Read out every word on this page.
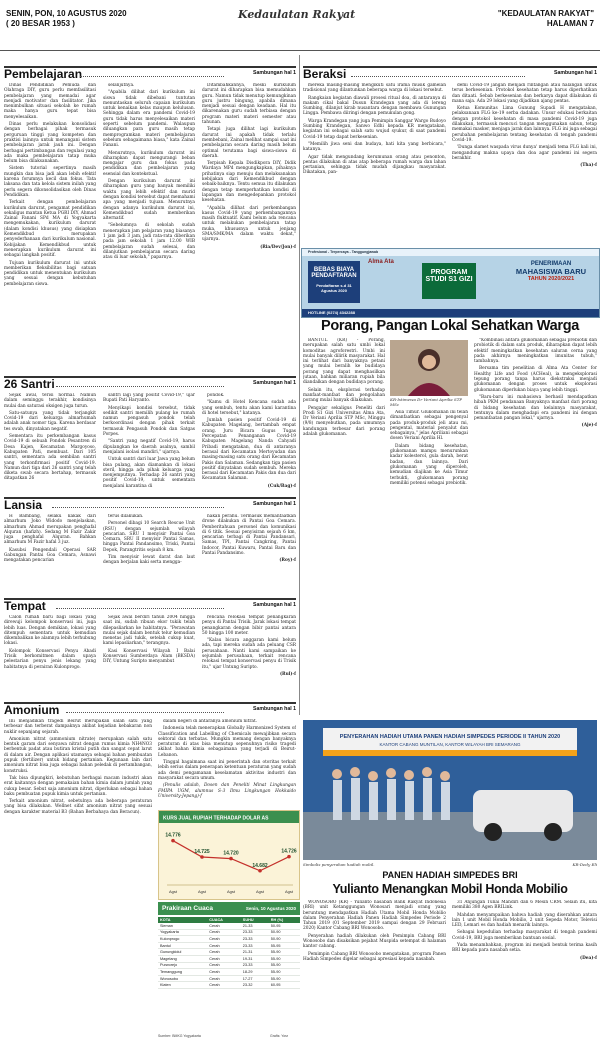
SENIN, PON, 10 AGUSTUS 2020
( 20 BESAR 1953 )
Kedaulatan Rakyat	"KEDAULATAN RAKYAT"
HALAMAN 7
Pembelajaran	Sambungan hal 1

Dinas Pendidikan Pemuda dan Olahraga DIY, guru perlu memfasilitasi pembelajaran yang memadai agar menjadi motivator dan fasilitator. Jika menimbulkan situasi sekolah ke rumah maka hanya guru tepat bisa menyelesaikan.

Dinas perlu melakukan konsolidasi dengan berbagai pihak termasuk perguruan tinggi yang kompeten dan praktisi lainnya untuk menangani sistem pembelajaran jarak jauh ini. Dengan berbagai pertimbangan dan regulasi yang ada maka pembelajaran tatap muka belum bisa dilaksanakan.

Sistem tutorial sepertinya masih mungkin dan bisa jadi akan lebih efektif karena forumnya kecil dan fokus. Tata laksana dan tata kelola sistem inilah yang perlu segera dikonsolidasikan oleh Dinas Pendidikan.

Terkait dengan pembelajaran kurikulum darurat, pengamat pendidikan sekaligus mantan Ketua PGRI DIY, Ahmad Zainal Fanani SPd MA di Yogyakarta mengemukakan, kurikulum darurat (dalam kondisi khusus) yang disiapkan Kemendikbud merupakan penyederhanaan dari kurikulum nasional. Kebijakan Kemendikbud untuk menerapkan kurikulum darurat ini sebagai langkah positif.

Tujuan kurikulum darurat ini untuk memberikan fleksibilitas bagi satuan pendidikan untuk menentukan kurikulum yang sesuai dengan kebutuhan pembelajaran siswa.

selanjutnya.

"Apabila dilihat dari kurikulum ini siswa tidak dibebani tuntutan menuntaskan seluruh capaian kurikulum untuk kenaikan kelas maupun kelulusan. Sehingga dalam era pandemi Covid-19 guru tidak harus menyelesaikan materi seperti sebelum pandemi. Walaupun diluangkan para guru masih tetap memprogramkan materi pembelajaran sebelum sebagaimana biasa," kata Zainal Fanani.

Menurutnya, kurikulum darurat ini diharapkan dapat mengurangi beban mengajar guru dan fokus pada pendidikan dan pembelajaran yang esensial dan kontekstual.

Dengan kurikulum darurat ini diharapkan guru yang banyak memiliki waktu yang lebih efektif dan murid dengan kondisi tersebut dapat memahami apa yang menjadi tujuan. Menurutnya dengan adanya kurikulum darurat ini, Kemendikbud sudah memberikan alternatif.

"Sebelumnya di sekolah sudah menerapkan jam pelajaran yang biasanya 1 jam jadi 3 jam, jadi rata-rata diberikan pada jam sekolah 1 jam 12.00 WIB pembelajaran sudah selesai, dan dilanjutkan pembelajaran secara daring atau di luar sekolah," paparnya.

Ditambahkannya, meski kurikulum darurat ini diharapkan bisa memudahkan guru. Namun tidak menutup kemungkinan guru justru bingung, apabila dimana menjadi sesuai dengan keadaan. Hal itu dikarenakan guru sudah terbiasa dengan program materi materi semester atau tahunan.

Tetapi juga dilihat lagi kurikulum darurat ini apakah tidak terlalu membebani, Zainal melihat sampai saat ini pembelajaran secara daring masih belum optimal terutama bagi siswa-siswa di daerah.

Terpisah Kepala Disdikpora DIY, Didik Wardaya MPd mengungkapkan, pihaknya prihatinya siap menuju dan melaksanakan kebijakan dari Kemendikbud dengan sebaik-baiknya. Tentu semua itu dilakukan dengan tetap memperhatikan kondisi di lapangan dan mengedepankan protokol kesehatan.

"Apabila dilihat dari perkembangan kasus Covid-19 yang perkembangannya masih fluktuatif. Kami belum ada rencana untuk melakukan pembelajaran tatap muka, khususnya untuk jenjang SMA/SMK/MA dalam waktu dekat," ujarnya.

(Ria/Dev/Jon)-f

Beraksi	Sambungan hal 1

mereka masing-masing mengikuti satu irama musik gamelan tradisional yang dilantunkan beberapa warga di lokasi tersebut.

Rangkaian kegiatan diawali prosesi ritual doa, di antaranya di makam cikal bakal Dusun Krandegan yang ada di lereng Sumbing, dilanjut kirab nusantara dengan membawa Gunungan Lingga. Pembawa diiringi dengan pemukulan gong.

Warga Krandegan yang juga Pemimpin Sanggar Wargo Budoyo Sumbing Krandegan, Sanwo Edhi kepada KR mengatakan, kegiatan ini sebagai salah satu wujud syukur, di saat pandemi Covid-19 tetap dapat berkesenian.

"Memilih jiwa seni dan budaya, hati kita yang berbicara," katanya.

Agar tidak mengundang kerumunan orang atau penonton, pentas dilakukan di atas atap beberapa rumah warga dan lahan pertanian, sehingga tidak mudah dijangkau masyarakat. Dikatakan, pan-

demi Covid-19 jangan menjadi rintangan atau halangan untuk terus berkesenian. Protokol kesehatan tetap harus diperhatikan dan ditaati. Sebab berkesenian dan berkarya dapat dilakukan di mana saja. Ada 29 lokasi yang dijadikan ajang pentas.

Ketua Komunitas Lima Gunung Supadi H mengatakan, pelaksanaan FLG ke-19 serba dadakan. Unsur edukasi berkaitan dengan protokol kesehatan di masa pandemi Covid-19 juga dilakukan, termasuk mencuci tangan menggunakan sabun, tetap memakai masker, menjaga jarak dan lainnya. FLG ini juga sebagai perubahan pembelajaran tentang kesehatan di tengah pandemi Covid-19.

'Dunga slamet waspada virus dunya' menjadi tema FLG kali ini, mengandung makna upaya dan doa agar pandemi ini segera berakhir.

(Tha)-f

Profesional - Terpercaya - Tanggungjawab
BEBAS BIAYA PENDAFTARAN
Pendaftaran s.d 31 Agustus 2020
Alma Ata
PROGRAM STUDI S1 GIZI
PENERIMAAN
MAHASISWA BARU
TAHUN 2020/2021
HOTLINE (0274) 4342288
Porang, Pangan Lokal Sehatkan Warga

BANTUL (KR) - Porang, merupakan salah satu umbi lokal komoditas agroforestri. Umbi ini mulai banyak dilirik masyarakat. Hal ini terlihat dari banyaknya petani yang mulai beralih ke budidaya porang yang dapat menghasilkan jutaan, bahkan miliaran rupiah bila diandalkan dengan budidaya porang.

Selain itu, eksplorasi terhadap manfaat-manfaat dan pengolahan porang mulai banyak dilakukan.

Pengajar sekaligus Peneliti dari Prodi S1 Gizi Universitas Alma Ata, Dr Veriani Aprilia STP MSc, Minggu (9/8) menyebutkan, pada umumnya kandungan terbesar dari porang adalah glukomanan.

KR-Istimewa Dr Veriani Aprilia STP MSc

Asia Timur. Glukomanan ini telah dimanfaatkan sebagai pengenyal pada produk-produk jeli atau mi, pengental, material penyalut dan sebagainya," jelas Apriliani sebagai dosen Veriani Aprilia Hl.

Dalam bidang kesehatan, glukomanan mampu menurunkan kadar kolesterol, gula darah, berat badan, dan lainnya. Dari glukomanan yang diperoleh, kemudian diajikan ke Asia Timur terbukti, glukomanan porang memiliki potensi sebagai prebiotik.

"Kombinasi antara glukomanan sebagai prebiotik dan probiotik di dalam satu produk, diharapkan dapat lebih efektif meningkatkan kesehatan saluran cerna yang pada akhirnya meningkatkan imunitas tubuh," tambahnya.

Bersama tim penelitian di Alma Ata Center for Healthy Life and Food (ACHeal), ia mengeksplorasi tepung porang tanpa harus diekstraksi menjadi glukomanan dengan proses untuk eksplorasi glukomanan diperlukan biaya yang lebih tinggi.

"Baru-baru ini mahasiswa berhasil mendapatkan hibah PKM pendanaan Banyaknya manfaat dari porang di bidang kesehatan dan kelainnya masyarakat, tentunya dalam menghadapi era pandemi ini dengan pemanfaatan pangan lokal," ujarnya.

(Aje)-f

26 Santri	Sambungan hal 1

Sejak awal, terisi normal. Namun dalam seminggu terakhir, kondisinya mulai dan saturasi oksigen juga turun.

Satu-satunya yang tidak terjangkit Covid-19 dari keluarga almarhumah adalah anak nomor tiga. Karena berdasar tes swab, dinyatakan negatif.

Sementara itu perkembangan kasus Covid-19 di sebuah Pondok Pesantren di Desa Kajen, Kecamatan Margoyoso, Kabupaten Pati, membuat. Dari 105 santri, sementara ada sembilan santri yang terkonfirmasi positif Covid-19. Namun dari tiga dari 26 santri yang telah diketa swab secara bertahap, termasuk ditapatkan 26

santri lagi yang positif Covid-19," ujar Bupati Pati Haryanto.

Menyikapi kondisi tersebut, tidak sedikit santri memilih pulang ke rumah namun pengasuh pondok telah berkoordinasi dengan pihak terkait termasuk Pengasuh Pondok dan Satgas Porpes.

"Santri yang negatif Covid-19, harus dipulangkan ke daerah asalnya, sambil menjalani isolasi mandiri," ujarnya.

Untuk santri dari luar Jawa yang belum bisa pulang, akan diamankan di lokasi steril, hingga ada pihak keluarga yang menjemputnya. Terhadap 26 santri yang positif Covid-19, untuk sementara menjalani karantina di

pondok.

"Kamu di Hotel Kencana sudah ada yang sembuh, tentu akan kami karantina di hotel tersebut," katanya.

Jumlah pasien positif Covid-19 di Kabupaten Magelang, bertambah empat orang. Juru Bicara Gugus Tugas Percepatan Penanganan Covid-19 Kabupaten Magelang Nanda Cahyadi Pribadi mengatakan, dua di antaranya berasal dari Kecamatan Mertoyudan dan masing-masing satu orang dari Kecamatan Pakis dan Salaman. Sedangkan tiga pasien positif dinyatakan sudah sembuh. Mereka berasal dari Kecamatan Pakis dan dua dari Kecamatan Salaman.

(Cuk/Bag)-f

Lansia	Sambungan hal 1

H Bambang, selaku kakak dari almarhum Joko Widodo menjelaskan, almarhum Ahmad merupakan penghafal Alquran (hafizh). Sedang M Fazir Zakir juga penghafal Alquran. Bahkan almarhum M Fazir hafal 3 juz.

Kasubsi Pengendali Operasi SAR Gabungan Pantai Goa Cemara, Asnawi mengatakan pencarian

terus dilakukan.

Personel dibagi 10 Search Rescue Unit (RSU) dengan sejumlah wilayah pencarian. SRU I menyisir Pantai Goa Cemara, SRU II menyisir Pantai Samas, hingga Pantai Pandansimo, Triski, Pantai Depok, Parangtritis sejauh 8 km.

Tim menyisir lewat darat dan laut dengan berjalan kaki serta mengga-

nakan perahu. Termasuk memanfaatkan drone dilakukan di Pantai Goa Cemara. Pemberitahuan personel dan komunikasi di 6 titik. Sesuai penyisiran sejauh 6 km, pencarian terbagi di Pantai Pandansari, Samas, TPI, Pantai Cangkring, Pantai Indocor, Pantai Kuwaru, Pantai Baru dan Pantai Pandansimo.

(Roy)-f

Tempat	Sambungan hal 1

Calon rumah baru bagi lokasi yang direwuji kelompok konservasi ini, juga lebih luas. Dengan demikian, lokasi yang ditempuh sementara untuk kemudian dikembalikan ke alamnya lebih terhubung lokasi.

Kelompok Konservasi Penyu Abadi Trisik berkomitmen dalam upaya pelestarian penyu jenis lekang yang habitatnya di perairan Kulonprogo.

Sejak awal berdiri tahun 2004 hingga saat ini, sudah ribuan ekor tukik telah dilepasliarkan ke habitatnya. "Perawatan mulai sejak dalam bentuk telur kemudian menetas jadi tukik, setelah cukup kuat, kami lepasliarkan," terangnya.

Kasi Konservasi Wilayah I Balai Konservasi Sumberdaya Alam (BKSDA) DIY, Untung Suripto menyambut

rencana relokasi tempat penangkaran penyu di Pantai Trisik. Jarak lokasi tempat penangkaran dengan bibir pantai antara 50 hingga 100 meter.

"Kalau bicara anggaran kami belum ada, tapi mereka sudah ada peluang CSR perusahaan. Nanti kami sampaikan ke sejumlah perusahaan, terkait rencana relokasi tempat konservasi penyu di Trisik itu," ujar Untung Suripto.

(Rul)-f

Amonium	Sambungan hal 1

Ini menjadikan tragedi Beirut merupakan salah satu yang terbesar dan terberat dampaknya akibat kejadian kebakaran non nuklir sepanjang sejarah.

Amonium nitrat (ammonium nitrate) merupakan salah satu bentuk garam dari senyawa nitrat dengan rumus kimia NH4NO3 berbentuk padat atau butiran kristal putih dan sangat cepat larut di dalam air. Dengan aplikasi utamanya sebagai bahan pembuatan pupuk (fertilizer) untuk bidang pertanian. Kegunaan lain dari amonium nitrat bisa juga sebagai bahan peledak di pertambangan, konstruksi.

Tak bisa dipungkiri, kebutuhan berbagai macam industri akan erat kaitannya dengan pemakaian bahan kimia dalam jumlah yang cukup besar. Sebut saja amonium nitrat, diperlukan sebagai bahan baku pembuatan pupuk kimia untuk pertanian.

Terkait amonium nitrat, sebetulnya ada beberapa peraturan yang bisa dilakukan. Wellnet sifat amonium nitrat yang sesuai dengan karakter material B3 (Bahan Berbahaya dan Beracun).

dalam negeri di antaranya amonium nitrat.

Indonesia telah menerapkan Globally Harmonized System of Classification and Labelling of Chemicals mewajibkan secara sektoral dan terbatas. Mungkin memang dengan banyaknya peraturan di atas bisa menutup sepenuhnya risiko tragedi akibat bahan kimia sebagaimana yang terjadi di Beirut-Lebanon.

Tinggal bagaimana saat ini penerintah dan otoritas terkait lebih serius dalam penerapan ketentuan peraturan yang sudah ada demi pengamanan keselamatan aktivitas industri dan masyarakat secara umum.

(Penulis adalah, Dosen dan Peneliti Minat Lingkungan FMIPA UGM, alumnus S-3 Ilmu Lingkungan Hokkaido University-Jepang)-f

KURS JUAL RUPIAH TERHADAP DOLAR AS
14.776
Agst
14.725
Agst
14.720
Agst
14.682
Agst
14.726
Agst
Prakiraan Cuaca	Senin, 10 Agustus 2020
KOTA	CUACA	SUHU	RH (%)
Sleman	Cerah	21-33	50-95
Yogyakarta	Cerah	23-33	50-90
Kulonprogo	Cerah	23-33	50-90
Bantul	Cerah	23-33	55-95
Gunungkidul	Cerah	21-31	55-90
Magelang	Cerah	19-31	55-90
Purworejo	Cerah	23-33	55-90
Temanggung	Cerah	18-29	55-90
Wonosobo	Cerah	17-27	55-90
Klaten	Cerah	23-32	60-95
Sumber: BMKG Yogyakarta	Grafis: Yosr
PENYERAHAN HADIAH UTAMA PANEN HADIAH SIMPEDES PERIODE II TAHUN 2020
KANTOR CABANG MUNTILAN, KANTOR WILAYAH BRI SEMARANG
Simbolis penyerahan hadiah mobil.	KR-Dedy Eli
PANEN HADIAH SIMPEDES BRI
Yulianto Menangkan Mobil Honda Mobilio

WONOSOBO (KR) - Yulianto nasabah Bank Rakyat Indonesia (BRI) unit Ketanggungan Wonosari menjadi orang yang beruntung mendapatkan Hadiah Utama Mobil Honda Mobilio dalam Penyerahan Hadiah Panen Hadiah Simpedes Periode 2 Tahun 2019 (01 September 2019 sampai dengan 29 Februari 2020) Kantor Cabang BRI Wonosobo.

Penyerahan hadiah dilakukan oleh Pemimpin Cabang BRI Wonosobo dan disaksikan pejabat Muspida setempat di halaman kantor cabang.

Pemimpin Cabang BRI Wonosobo mengatakan, program Panen Hadiah Simpedes digelar sebagai apresiasi kepada nasabah.

31 Anjungan Tunai Mandiri dan 6 Mesin CRM. Selain itu, kita memiliki 380 Agen BRILink.

Mahdan menyampaikan bahwa hadiah yang diserahkan antara lain 1 unit Mobil Honda Mobilio, 2 unit Sepeda Motor, Televisi LED, Lemari es dan hadiah menarik lainnya.

Sebagai kepedulian terhadap masyarakat di tengah pandemi Covid-19, BRI juga memberikan bantuan sosial.

Yuda menambahkan, program ini menjadi bentuk terima kasih BRI kepada para nasabah setia.

(Dea)-f
